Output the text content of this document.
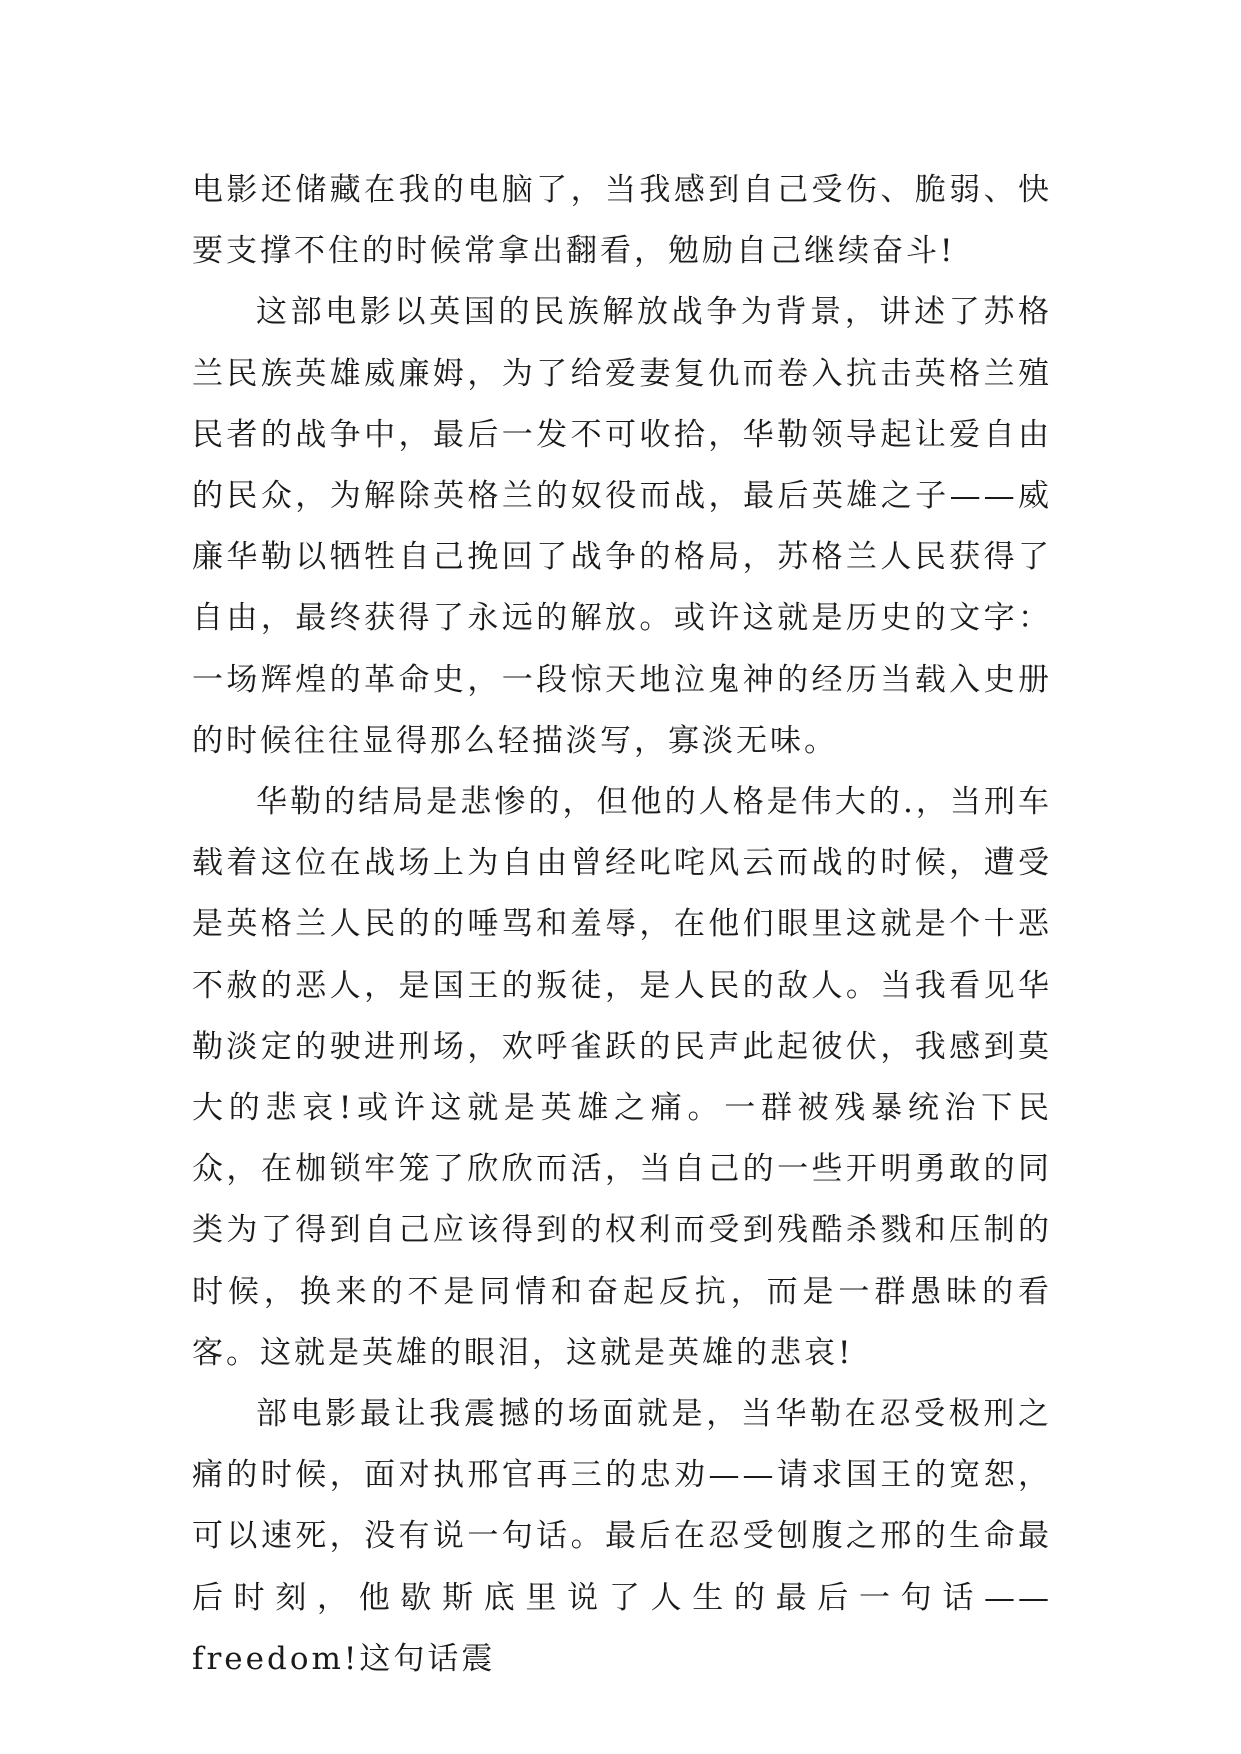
电影还储藏在我的电脑了，当我感到自己受伤、脆弱、快要支撑不住的时候常拿出翻看，勉励自己继续奋斗!

这部电影以英国的民族解放战争为背景，讲述了苏格兰民族英雄威廉姆，为了给爱妻复仇而卷入抗击英格兰殖民者的战争中，最后一发不可收拾，华勒领导起让爱自由的民众，为解除英格兰的奴役而战，最后英雄之子——威廉华勒以牺牲自己挽回了战争的格局，苏格兰人民获得了自由，最终获得了永远的解放。或许这就是历史的文字：一场辉煌的革命史，一段惊天地泣鬼神的经历当载入史册的时候往往显得那么轻描淡写，寡淡无味。

华勒的结局是悲惨的，但他的人格是伟大的.，当刑车载着这位在战场上为自由曾经叱咤风云而战的时候，遭受是英格兰人民的的唾骂和羞辱，在他们眼里这就是个十恶不赦的恶人，是国王的叛徒，是人民的敌人。当我看见华勒淡定的驶进刑场，欢呼雀跃的民声此起彼伏，我感到莫大的悲哀!或许这就是英雄之痛。一群被残暴统治下民众，在枷锁牢笼了欣欣而活，当自己的一些开明勇敢的同类为了得到自己应该得到的权利而受到残酷杀戮和压制的时候，换来的不是同情和奋起反抗，而是一群愚昧的看客。这就是英雄的眼泪，这就是英雄的悲哀!

部电影最让我震撼的场面就是，当华勒在忍受极刑之痛的时候，面对执邢官再三的忠劝——请求国王的宽恕，可以速死，没有说一句话。最后在忍受刨腹之邢的生命最后时刻，他歇斯底里说了人生的最后一句话——freedom!这句话震
